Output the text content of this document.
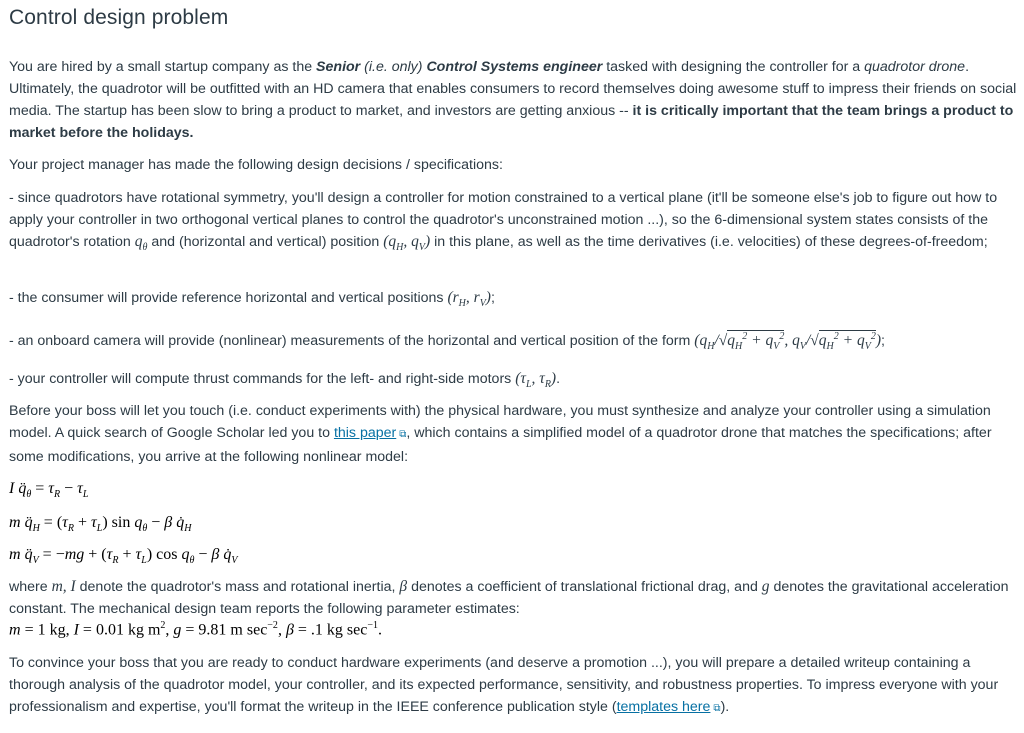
Control design problem

You are hired by a small startup company as the Senior (i.e. only) Control Systems engineer tasked with designing the controller for a quadrotor drone. Ultimately, the quadrotor will be outfitted with an HD camera that enables consumers to record themselves doing awesome stuff to impress their friends on social media. The startup has been slow to bring a product to market, and investors are getting anxious -- it is critically important that the team brings a product to market before the holidays.

Your project manager has made the following design decisions / specifications:

- since quadrotors have rotational symmetry, you'll design a controller for motion constrained to a vertical plane (it'll be someone else's job to figure out how to apply your controller in two orthogonal vertical planes to control the quadrotor's unconstrained motion ...), so the 6-dimensional system states consists of the quadrotor's rotation $q_\theta$ and (horizontal and vertical) position ($q_H$, $q_V$) in this plane, as well as the time derivatives (i.e. velocities) of these degrees-of-freedom;

- the consumer will provide reference horizontal and vertical positions ($r_H$, $r_V$);

- an onboard camera will provide (nonlinear) measurements of the horizontal and vertical position of the form ($q_H/√q_H^2 + q_V^2$, $q_V/√q_H^2 + q_V^2$);

- your controller will compute thrust commands for the left- and right-side motors ($\tau_L$, $\tau_R$).

Before your boss will let you touch (i.e. conduct experiments with) the physical hardware, you must synthesize and analyze your controller using a simulation model. A quick search of Google Scholar led you to this paper ⧉, which contains a simplified model of a quadrotor drone that matches the specifications; after some modifications, you arrive at the following nonlinear model:

I $q̈_\theta = \tau_R - \tau_L$
m $q̈_H = (\tau_R + \tau_L)$ $\sin q_\theta - \beta$ $q̇_H$
m $q̈_V = -mg + (\tau_R + \tau_L)$ $\cos q_\theta - \beta$ $q̇_V$

where m, I denote the quadrotor's mass and rotational inertia, β denotes a coefficient of translational frictional drag, and g denotes the gravitational acceleration constant. The mechanical design team reports the following parameter estimates:

m = 1 kg, I = 0.01 kg $m^2$, g = 9.81 m $\sec^{-2}$, β = .1 kg $\sec^{-1}$.

To convince your boss that you are ready to conduct hardware experiments (and deserve a promotion ...), you will prepare a detailed writeup containing a thorough analysis of the quadrotor model, your controller, and its expected performance, sensitivity, and robustness properties. To impress everyone with your professionalism and expertise, you'll format the writeup in the IEEE conference publication style (templates here ⧉).
